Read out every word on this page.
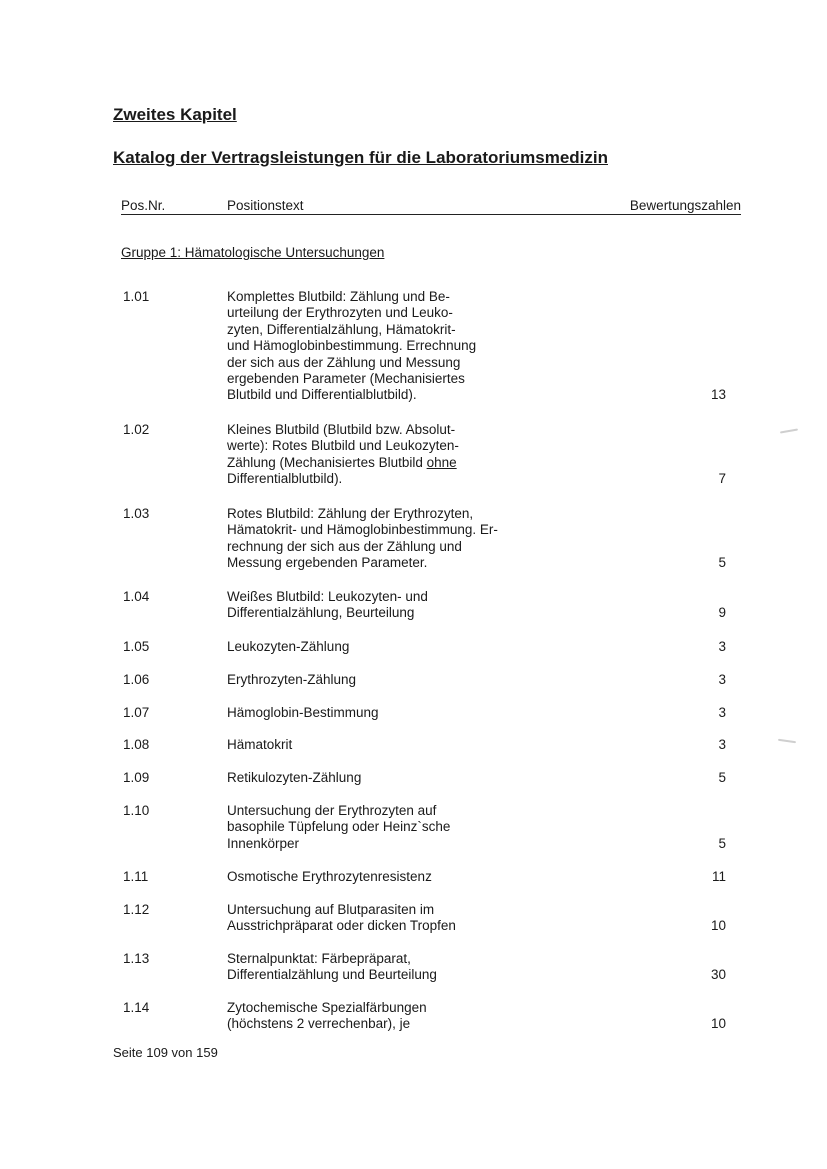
Zweites Kapitel
Katalog der Vertragsleistungen für die Laboratoriumsmedizin
Pos.Nr.	Positionstext	Bewertungszahlen
Gruppe 1: Hämatologische Untersuchungen
1.01	Komplettes Blutbild: Zählung und Be-
urteilung der Erythrozyten und Leuko-
zyten, Differentialzählung, Hämatokrit-
und Hämoglobinbestimmung. Errechnung
der sich aus der Zählung und Messung
ergebenden Parameter (Mechanisiertes
Blutbild und Differentialblutbild).	13
1.02	Kleines Blutbild (Blutbild bzw. Absolut-
werte): Rotes Blutbild und Leukozyten-
Zählung (Mechanisiertes Blutbild ohne
Differentialblutbild).	7
1.03	Rotes Blutbild: Zählung der Erythrozyten,
Hämatokrit- und Hämoglobinbestimmung. Er-
rechnung der sich aus der Zählung und
Messung ergebenden Parameter.	5
1.04	Weißes Blutbild: Leukozyten- und
Differentialzählung, Beurteilung	9
1.05	Leukozyten-Zählung	3
1.06	Erythrozyten-Zählung	3
1.07	Hämoglobin-Bestimmung	3
1.08	Hämatokrit	3
1.09	Retikulozyten-Zählung	5
1.10	Untersuchung der Erythrozyten auf
basophile Tüpfelung oder Heinz`sche
Innenkörper	5
1.11	Osmotische Erythrozytenresistenz	11
1.12	Untersuchung auf Blutparasiten im
Ausstrichpräparat oder dicken Tropfen	10
1.13	Sternalpunktat: Färbepräparat,
Differentialzählung und Beurteilung	30
1.14	Zytochemische Spezialfärbungen
(höchstens 2 verrechenbar), je	10
Seite 109 von 159
